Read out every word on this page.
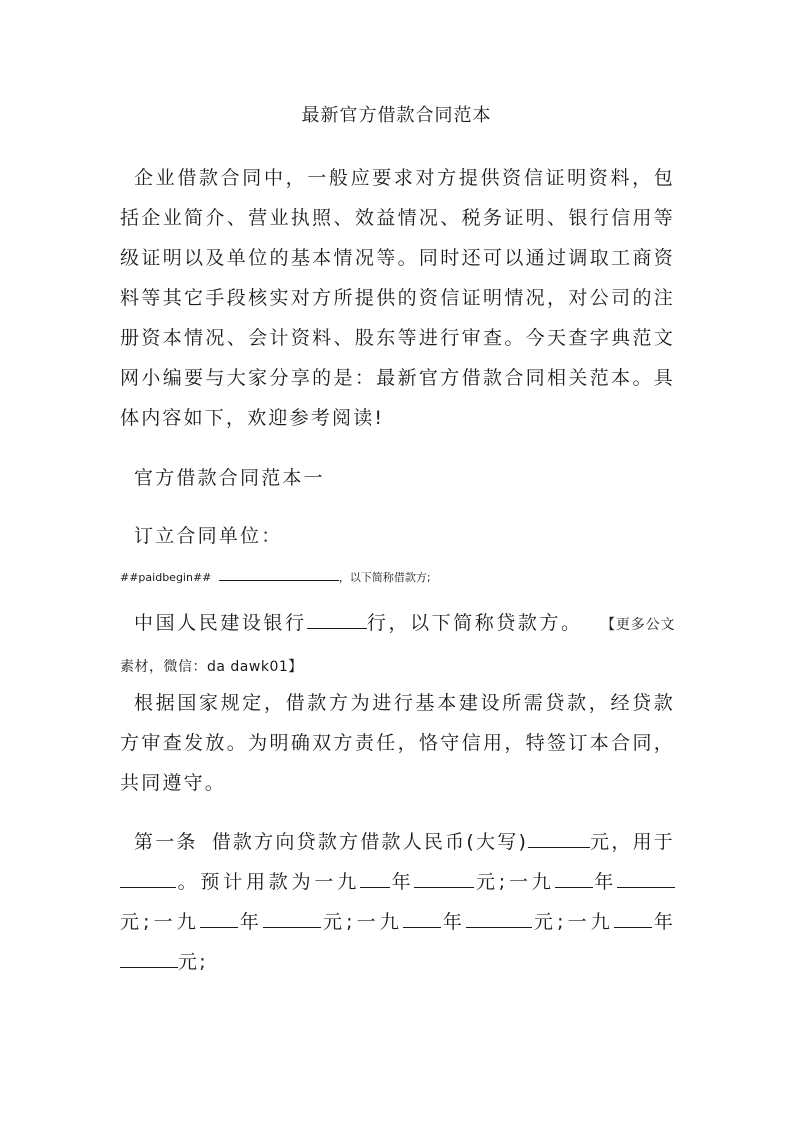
最新官方借款合同范本

企业借款合同中，一般应要求对方提供资信证明资料，包括企业简介、营业执照、效益情况、税务证明、银行信用等级证明以及单位的基本情况等。同时还可以通过调取工商资料等其它手段核实对方所提供的资信证明情况，对公司的注册资本情况、会计资料、股东等进行审查。今天查字典范文网小编要与大家分享的是：最新官方借款合同相关范本。具体内容如下，欢迎参考阅读!

官方借款合同范本一

订立合同单位：

##paidbegin##	，以下简称借款方;
中国人民建设银行	行，以下简称贷款方。 【更多公文素材，微信：da dawk01】

根据国家规定，借款方为进行基本建设所需贷款，经贷款方审查发放。为明确双方责任，恪守信用，特签订本合同，共同遵守。

第一条 借款方向贷款方借款人民币(大写)	元，用于。预计用款为一九 年	元;一九 年元;一九 年	元;一九 年	元;一九 年元;
